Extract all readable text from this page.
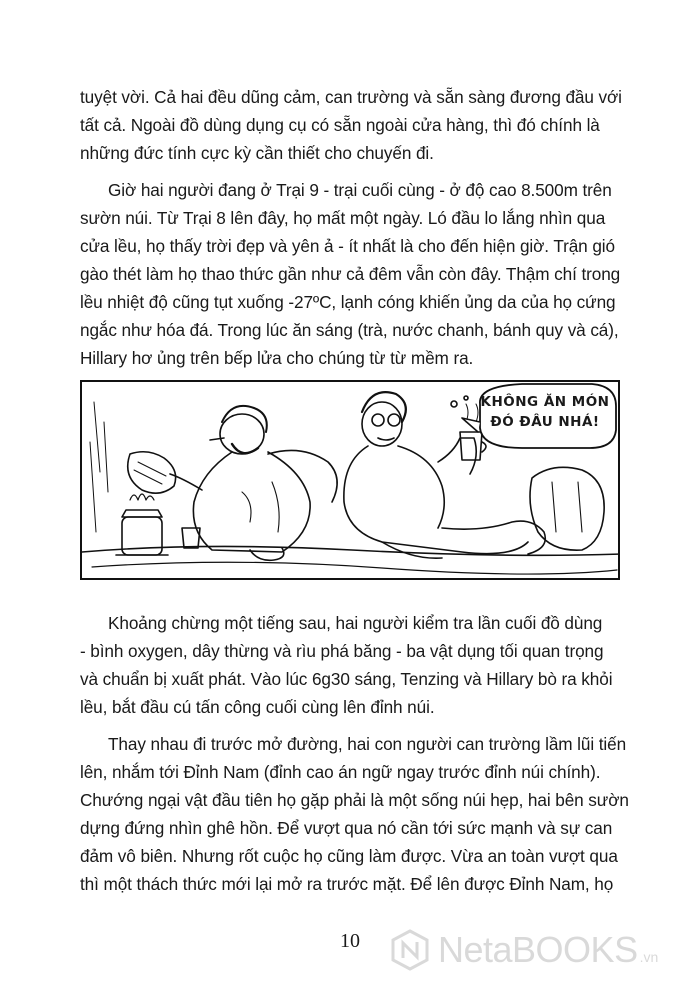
tuyệt vời. Cả hai đều dũng cảm, can trường và sẵn sàng đương đầu với
tất cả. Ngoài đồ dùng dụng cụ có sẵn ngoài cửa hàng, thì đó chính là
những đức tính cực kỳ cần thiết cho chuyến đi.

Giờ hai người đang ở Trại 9 - trại cuối cùng - ở độ cao 8.500m trên
sườn núi. Từ Trại 8 lên đây, họ mất một ngày. Ló đầu lo lắng nhìn qua
cửa lều, họ thấy trời đẹp và yên ả - ít nhất là cho đến hiện giờ. Trận gió
gào thét làm họ thao thức gần như cả đêm vẫn còn đây. Thậm chí trong
lều nhiệt độ cũng tụt xuống -27ºC, lạnh cóng khiến ủng da của họ cứng
ngắc như hóa đá. Trong lúc ăn sáng (trà, nước chanh, bánh quy và cá),
Hillary hơ ủng trên bếp lửa cho chúng từ từ mềm ra.

KHÔNG ĂN MÓN
ĐÓ ĐÂU NHÁ!

Khoảng chừng một tiếng sau, hai người kiểm tra lần cuối đồ dùng
- bình oxygen, dây thừng và rìu phá băng - ba vật dụng tối quan trọng
và chuẩn bị xuất phát. Vào lúc 6g30 sáng, Tenzing và Hillary bò ra khỏi
lều, bắt đầu cú tấn công cuối cùng lên đỉnh núi.

Thay nhau đi trước mở đường, hai con người can trường lầm lũi tiến
lên, nhắm tới Đỉnh Nam (đỉnh cao án ngữ ngay trước đỉnh núi chính).
Chướng ngại vật đầu tiên họ gặp phải là một sống núi hẹp, hai bên sườn
dựng đứng nhìn ghê hồn. Để vượt qua nó cần tới sức mạnh và sự can
đảm vô biên. Nhưng rốt cuộc họ cũng làm được. Vừa an toàn vượt qua
thì một thách thức mới lại mở ra trước mặt. Để lên được Đỉnh Nam, họ

10	NetaBOOKS .vn
